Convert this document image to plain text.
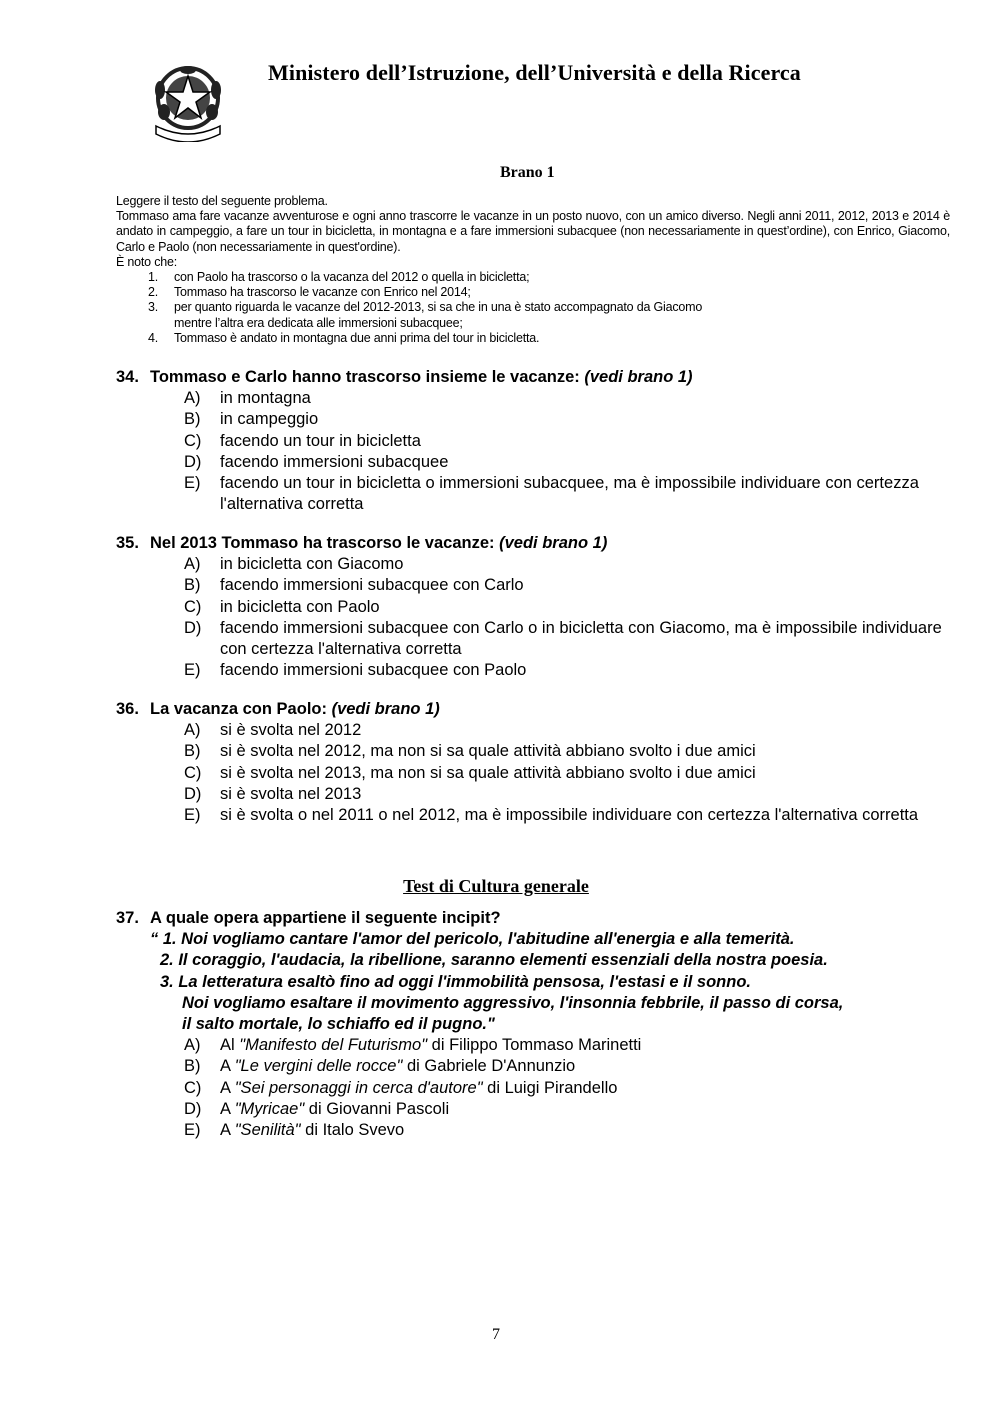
Ministero dell’Istruzione, dell’Università e della Ricerca
Brano 1

Leggere il testo del seguente problema.

Tommaso ama fare vacanze avventurose e ogni anno trascorre le vacanze in un posto nuovo, con un amico diverso. Negli anni 2011, 2012, 2013 e 2014 è andato in campeggio, a fare un tour in bicicletta, in montagna e a fare immersioni subacquee (non necessariamente in quest’ordine), con Enrico, Giacomo, Carlo e Paolo (non necessariamente in quest'ordine).

È noto che:

1. con Paolo ha trascorso o la vacanza del 2012 o quella in bicicletta;
2. Tommaso ha trascorso le vacanze con Enrico nel 2014;
3. per quanto riguarda le vacanze del 2012-2013, si sa che in una è stato accompagnato da Giacomo mentre l’altra era dedicata alle immersioni subacquee;
4. Tommaso è andato in montagna due anni prima del tour in bicicletta.
34. Tommaso e Carlo hanno trascorso insieme le vacanze: (vedi brano 1)
A) in montagna
B) in campeggio
C) facendo un tour in bicicletta
D) facendo immersioni subacquee
E) facendo un tour in bicicletta o immersioni subacquee, ma è impossibile individuare con certezza l'alternativa corretta
35. Nel 2013 Tommaso ha trascorso le vacanze: (vedi brano 1)
A) in bicicletta con Giacomo
B) facendo immersioni subacquee con Carlo
C) in bicicletta con Paolo
D) facendo immersioni subacquee con Carlo o in bicicletta con Giacomo, ma è impossibile individuare con certezza l'alternativa corretta
E) facendo immersioni subacquee con Paolo
36. La vacanza con Paolo: (vedi brano 1)
A) si è svolta nel 2012
B) si è svolta nel 2012, ma non si sa quale attività abbiano svolto i due amici
C) si è svolta nel 2013, ma non si sa quale attività abbiano svolto i due amici
D) si è svolta nel 2013
E) si è svolta o nel 2011 o nel 2012, ma è impossibile individuare con certezza l'alternativa corretta
Test di Cultura generale
37. A quale opera appartiene il seguente incipit?
“ 1. Noi vogliamo cantare l'amor del pericolo, l'abitudine all'energia e alla temerità.
2. Il coraggio, l'audacia, la ribellione, saranno elementi essenziali della nostra poesia.
3. La letteratura esaltò fino ad oggi l'immobilità pensosa, l'estasi e il sonno.
Noi vogliamo esaltare il movimento aggressivo, l'insonnia febbrile, il passo di corsa,
il salto mortale, lo schiaffo ed il pugno."
A) Al "Manifesto del Futurismo" di Filippo Tommaso Marinetti
B) A "Le vergini delle rocce" di Gabriele D'Annunzio
C) A "Sei personaggi in cerca d'autore" di Luigi Pirandello
D) A "Myricae" di Giovanni Pascoli
E) A "Senilità" di Italo Svevo
7
